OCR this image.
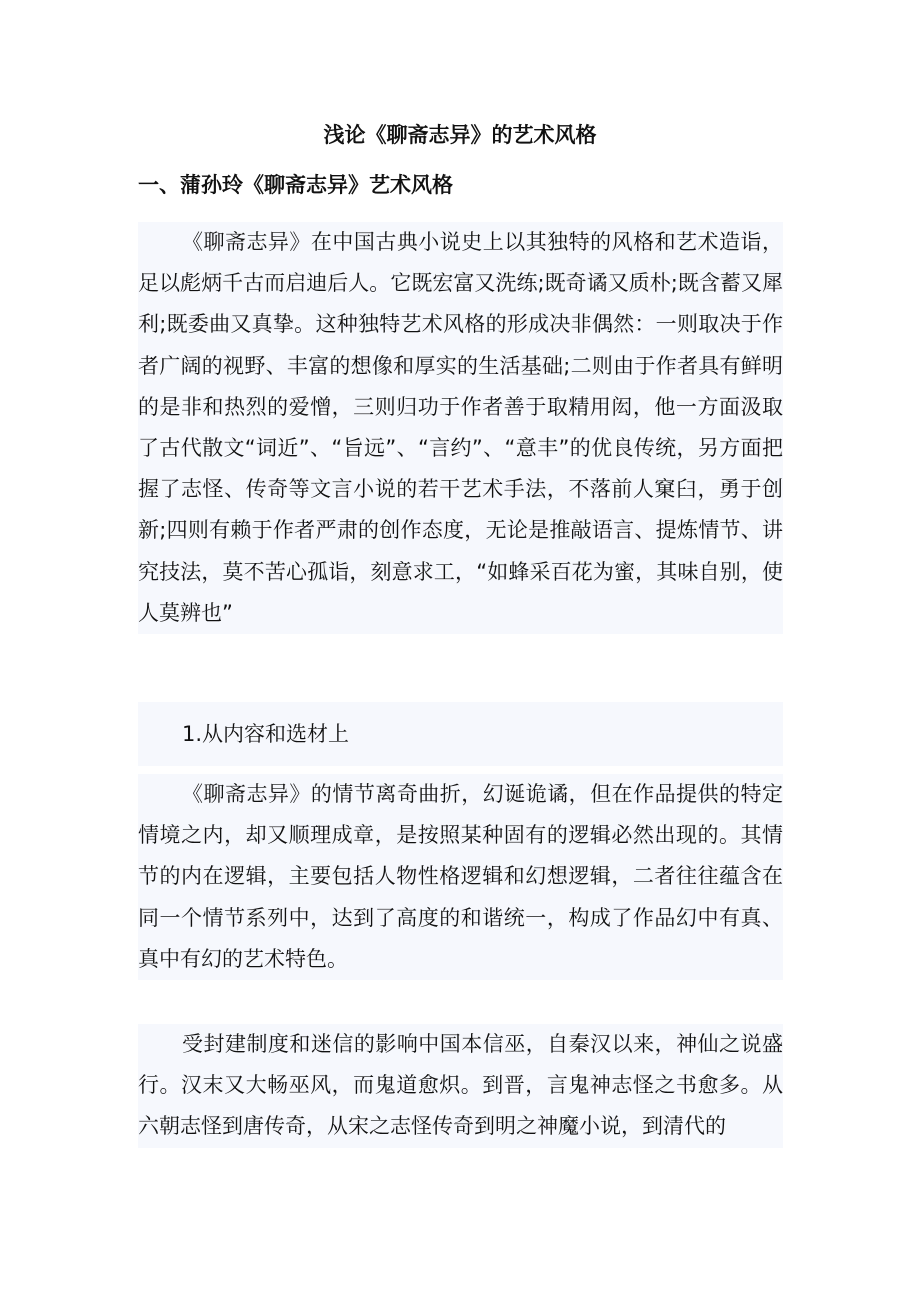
浅论《聊斋志异》的艺术风格
一、蒲孙玲《聊斋志异》艺术风格

《聊斋志异》在中国古典小说史上以其独特的风格和艺术造诣，足以彪炳千古而启迪后人。它既宏富又洗练;既奇谲又质朴;既含蓄又犀利;既委曲又真挚。这种独特艺术风格的形成决非偶然：一则取决于作者广阔的视野、丰富的想像和厚实的生活基础;二则由于作者具有鲜明的是非和热烈的爱憎，三则归功于作者善于取精用闳，他一方面汲取了古代散文“词近”、“旨远”、“言约”、“意丰”的优良传统，另方面把握了志怪、传奇等文言小说的若干艺术手法，不落前人窠臼，勇于创新;四则有赖于作者严肃的创作态度，无论是推敲语言、提炼情节、讲究技法，莫不苦心孤诣，刻意求工，“如蜂采百花为蜜，其味自别，使人莫辨也”

1.从内容和选材上

《聊斋志异》的情节离奇曲折，幻诞诡谲，但在作品提供的特定情境之内，却又顺理成章，是按照某种固有的逻辑必然出现的。其情节的内在逻辑，主要包括人物性格逻辑和幻想逻辑，二者往往蕴含在同一个情节系列中，达到了高度的和谐统一，构成了作品幻中有真、真中有幻的艺术特色。

受封建制度和迷信的影响中国本信巫，自秦汉以来，神仙之说盛行。汉末又大畅巫风，而鬼道愈炽。到晋，言鬼神志怪之书愈多。从六朝志怪到唐传奇，从宋之志怪传奇到明之神魔小说，到清代的
